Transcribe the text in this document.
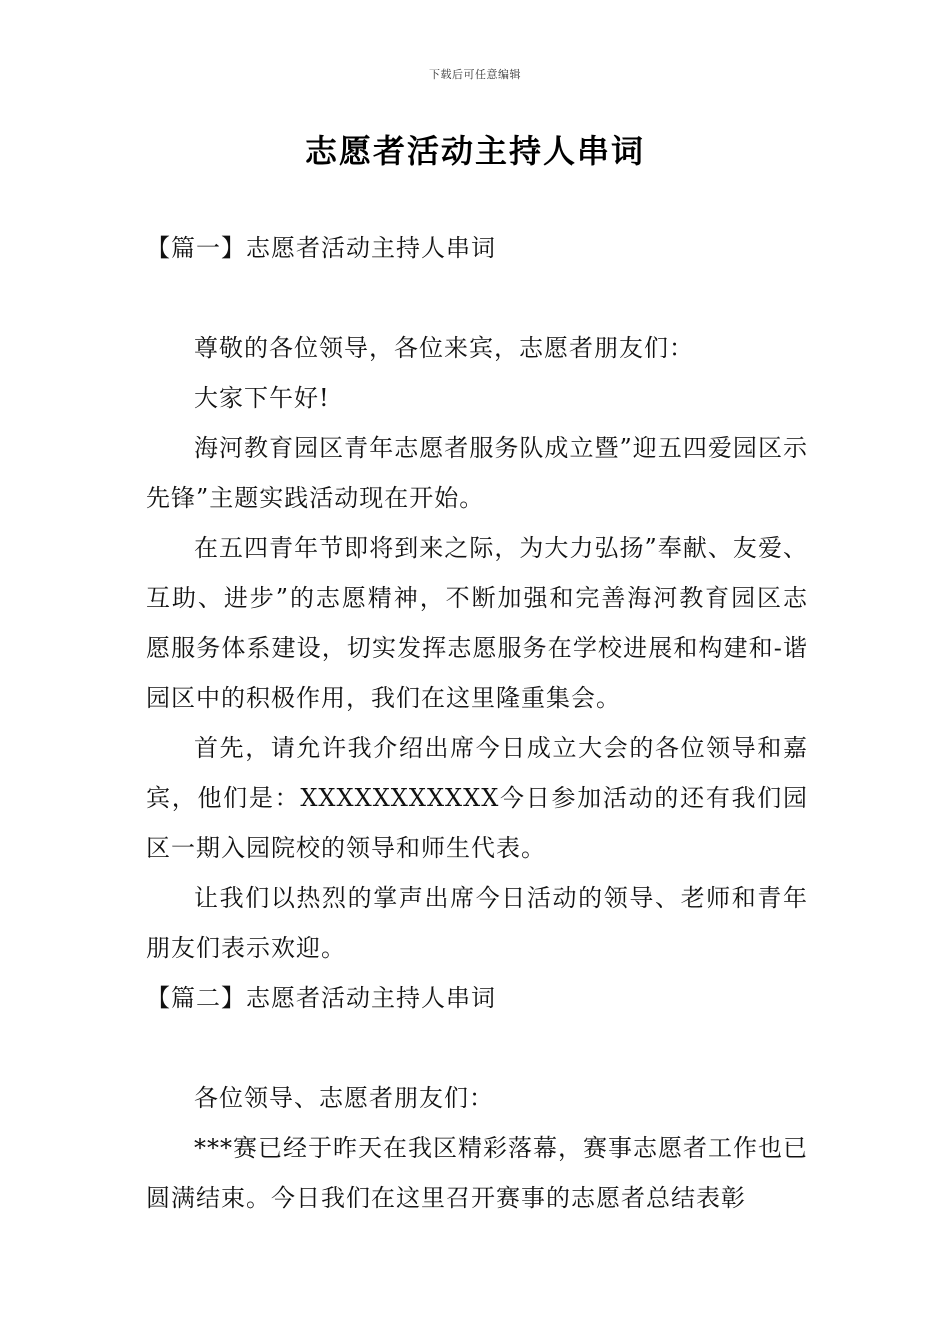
下载后可任意编辑
志愿者活动主持人串词
【篇一】志愿者活动主持人串词

尊敬的各位领导，各位来宾，志愿者朋友们：

大家下午好!

海河教育园区青年志愿者服务队成立暨”迎五四爱园区示先锋”主题实践活动现在开始。

在五四青年节即将到来之际，为大力弘扬”奉献、友爱、互助、进步”的志愿精神，不断加强和完善海河教育园区志愿服务体系建设，切实发挥志愿服务在学校进展和构建和-谐园区中的积极作用，我们在这里隆重集会。

首先，请允许我介绍出席今日成立大会的各位领导和嘉宾，他们是：XXXXXXXXXXX今日参加活动的还有我们园区一期入园院校的领导和师生代表。

让我们以热烈的掌声出席今日活动的领导、老师和青年朋友们表示欢迎。

【篇二】志愿者活动主持人串词

各位领导、志愿者朋友们：

***赛已经于昨天在我区精彩落幕，赛事志愿者工作也已圆满结束。今日我们在这里召开赛事的志愿者总结表彰
